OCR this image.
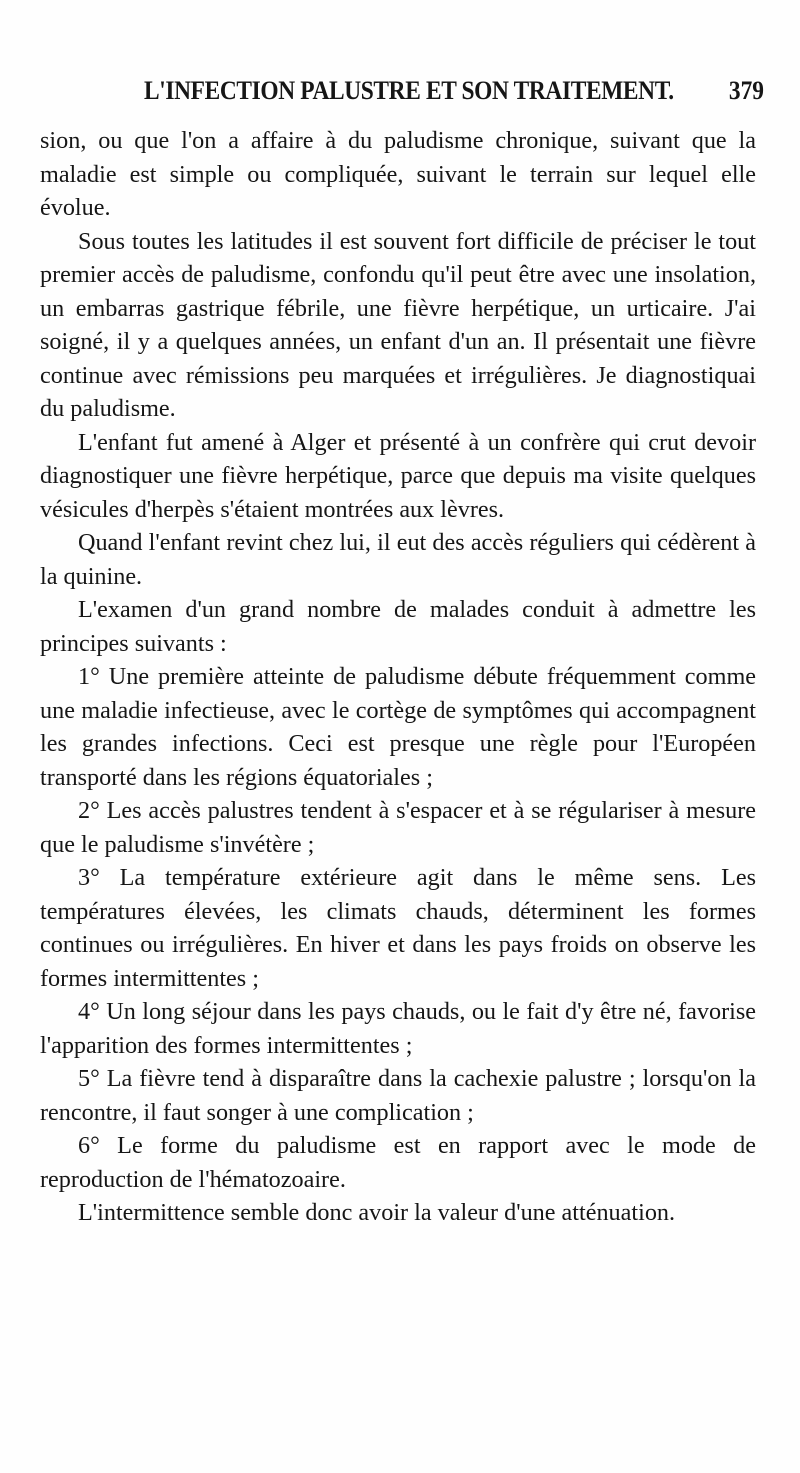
L'INFECTION PALUSTRE ET SON TRAITEMENT. 379

sion, ou que l'on a affaire à du paludisme chronique, suivant que la maladie est simple ou compliquée, suivant le terrain sur lequel elle évolue.

Sous toutes les latitudes il est souvent fort difficile de préciser le tout premier accès de paludisme, confondu qu'il peut être avec une insolation, un embarras gastrique fébrile, une fièvre herpétique, un urticaire. J'ai soigné, il y a quelques années, un enfant d'un an. Il présentait une fièvre continue avec rémissions peu marquées et irrégulières. Je diagnostiquai du paludisme.

L'enfant fut amené à Alger et présenté à un confrère qui crut devoir diagnostiquer une fièvre herpétique, parce que depuis ma visite quelques vésicules d'herpès s'étaient montrées aux lèvres.

Quand l'enfant revint chez lui, il eut des accès réguliers qui cédèrent à la quinine.

L'examen d'un grand nombre de malades conduit à admettre les principes suivants :

1° Une première atteinte de paludisme débute fréquemment comme une maladie infectieuse, avec le cortège de symptômes qui accompagnent les grandes infections. Ceci est presque une règle pour l'Européen transporté dans les régions équatoriales ;

2° Les accès palustres tendent à s'espacer et à se régulariser à mesure que le paludisme s'invétère ;

3° La température extérieure agit dans le même sens. Les températures élevées, les climats chauds, déterminent les formes continues ou irrégulières. En hiver et dans les pays froids on observe les formes intermittentes ;

4° Un long séjour dans les pays chauds, ou le fait d'y être né, favorise l'apparition des formes intermittentes ;

5° La fièvre tend à disparaître dans la cachexie palustre ; lorsqu'on la rencontre, il faut songer à une complication ;

6° Le forme du paludisme est en rapport avec le mode de reproduction de l'hématozoaire.

L'intermittence semble donc avoir la valeur d'une atténuation.
